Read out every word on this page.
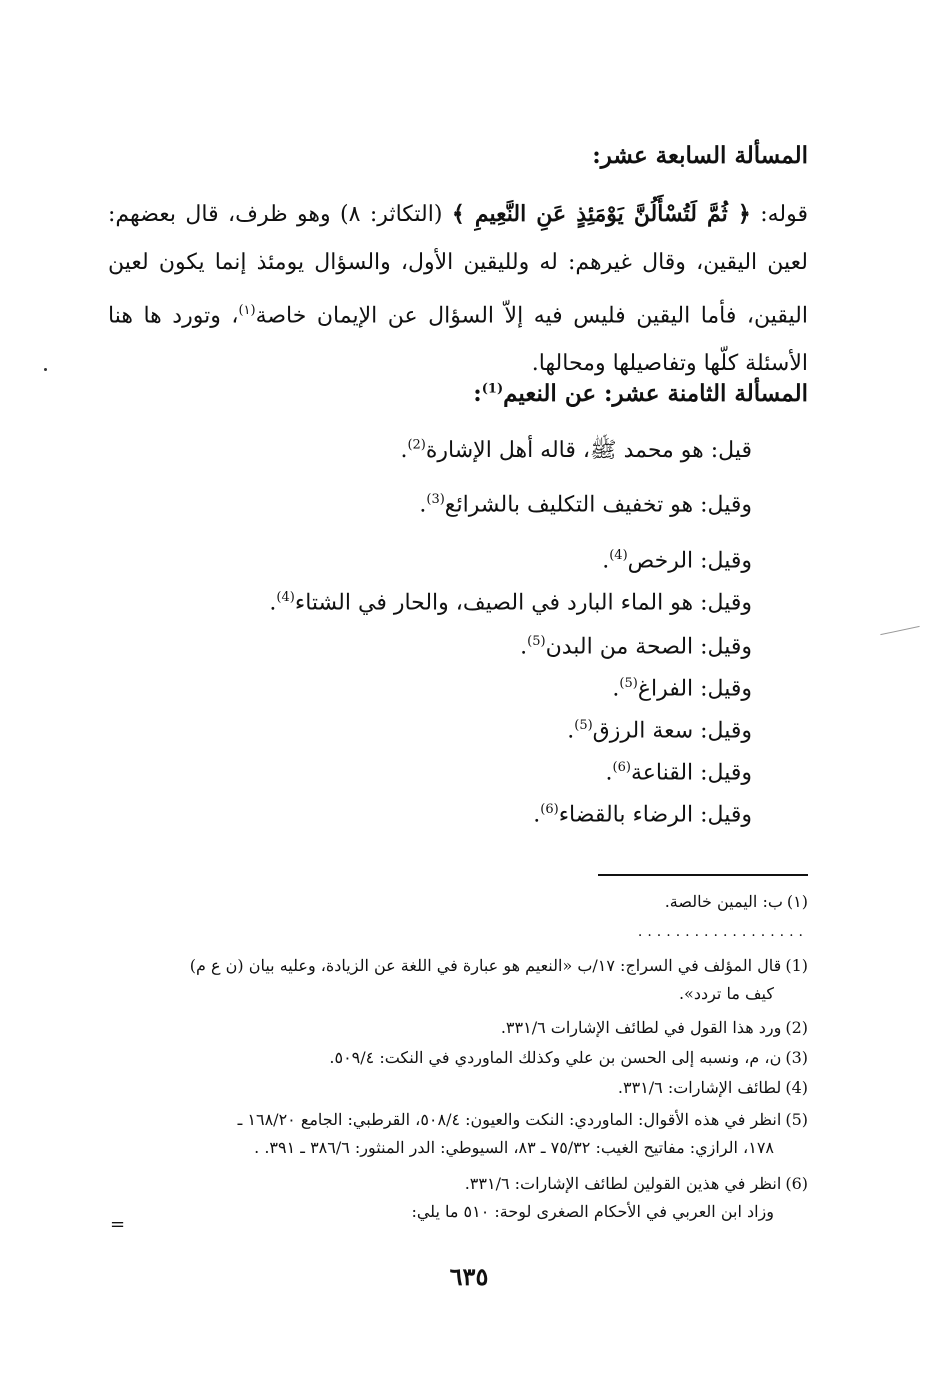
المسألة السابعة عشر:
قوله: ﴿ ثُمَّ لَتُسْأَلُنَّ يَوْمَئِذٍ عَنِ النَّعِيمِ ﴾ (التكاثر: ٨) وهو ظرف، قال بعضهم: لعين اليقين، وقال غيرهم: له ولليقين الأول، والسؤال يومئذ إنما يكون لعين اليقين، فأما اليقين فليس فيه إلاّ السؤال عن الإيمان خاصة$^{(١)}$، وتورد ها هنا الأسئلة كلّها وتفاصيلها ومحالها.
المسألة الثامنة عشر: عن النعيم$^{(1)}$:
قيل: هو محمد ﷺ، قاله أهل الإشارة$^{(2)}$.
وقيل: هو تخفيف التكليف بالشرائع$^{(3)}$.
وقيل: الرخص$^{(4)}$.
وقيل: هو الماء البارد في الصيف، والحار في الشتاء$^{(4)}$.
وقيل: الصحة من البدن$^{(5)}$.
وقيل: الفراغ$^{(5)}$.
وقيل: سعة الرزق$^{(5)}$.
وقيل: القناعة$^{(6)}$.
وقيل: الرضاء بالقضاء$^{(6)}$.
(١)ب: اليمين خالصة.
..................
(1)قال المؤلف في السراج: ١٧/ب «النعيم هو عبارة في اللغة عن الزيادة، وعليه بيان (ن ع م)
كيف ما تردد».
(2)ورد هذا القول في لطائف الإشارات ٣٣١/٦.
(3)ن، م، ونسبه إلى الحسن بن علي وكذلك الماوردي في النكت: ٥٠٩/٤.
(4)لطائف الإشارات: ٣٣١/٦.
(5)انظر في هذه الأقوال: الماوردي: النكت والعيون: ٥٠٨/٤، القرطبي: الجامع ١٦٨/٢٠ ـ
١٧٨، الرازي: مفاتيح الغيب: ٧٥/٣٢ ـ ٨٣، السيوطي: الدر المنثور: ٣٨٦/٦ ـ ٣٩١. .
(6)انظر في هذين القولين لطائف الإشارات: ٣٣١/٦.
وزاد ابن العربي في الأحكام الصغرى لوحة: ٥١٠ ما يلي:
=
٦٣٥
